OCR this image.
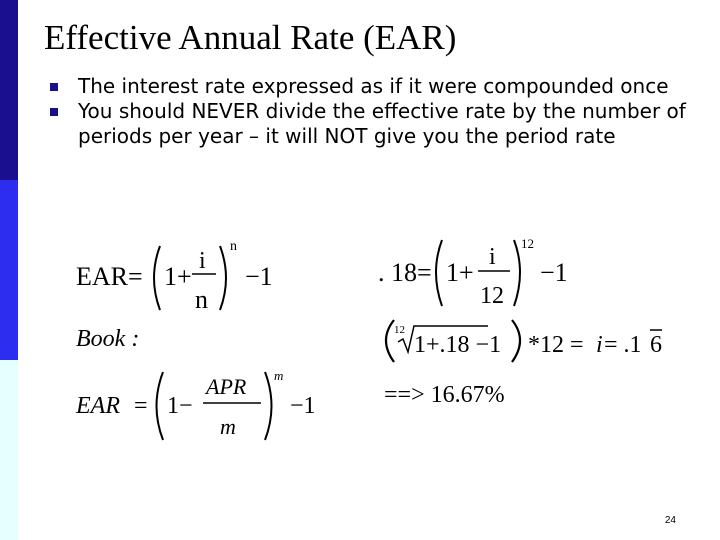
Effective Annual Rate (EAR)
The interest rate expressed as if it were compounded once
You should NEVER divide the effective rate by the number of periods per year – it will NOT give you the period rate
EAR= 1+
i
n
n
−1	. 18= 1+
i
12
12
−1
Book :	12
1+.18 −1 *12 = i = .1 6
EAR = 1−
APR
m
m
−1	==> 16.67%
24
